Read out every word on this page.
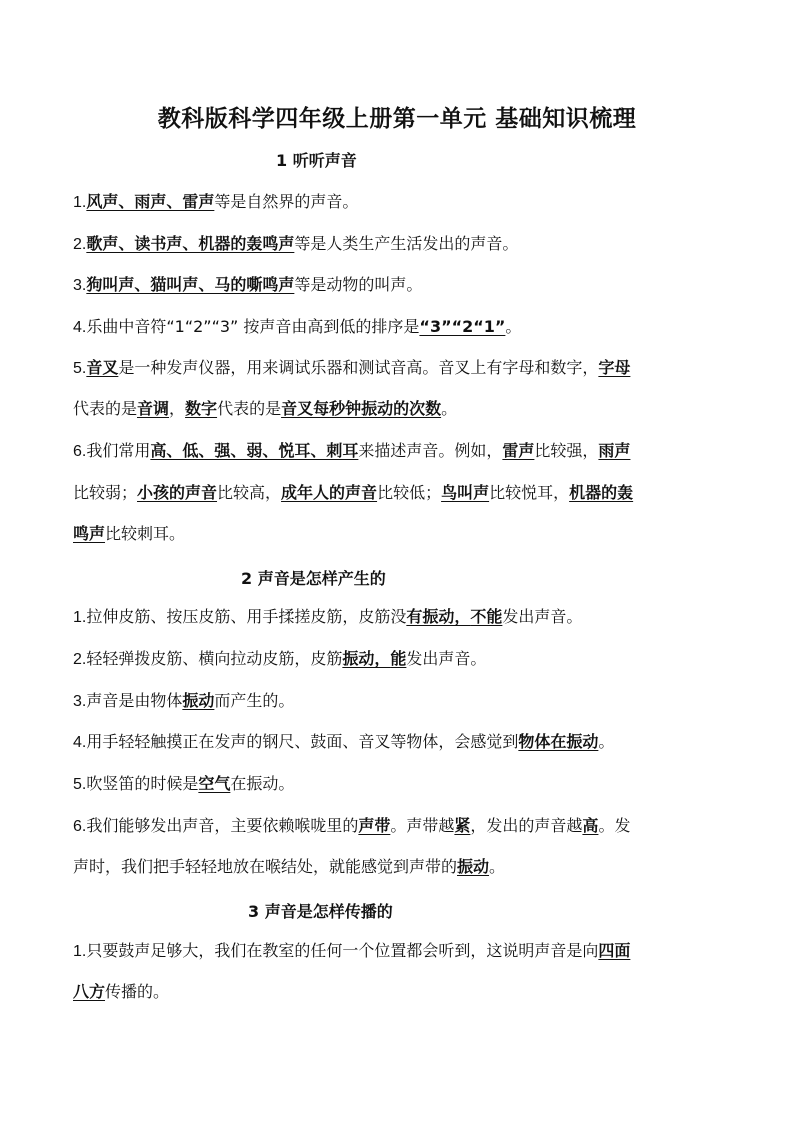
教科版科学四年级上册第一单元 基础知识梳理
1 听听声音
1.风声、雨声、雷声等是自然界的声音。
2.歌声、读书声、机器的轰鸣声等是人类生产生活发出的声音。
3.狗叫声、猫叫声、马的嘶鸣声等是动物的叫声。
4.乐曲中音符“1“2”“3” 按声音由高到低的排序是“3”“2“1”。
5.音叉是一种发声仪器，用来调试乐器和测试音高。音叉上有字母和数字，字母
代表的是音调，数字代表的是音叉每秒钟振动的次数。
6.我们常用高、低、强、弱、悦耳、刺耳来描述声音。例如，雷声比较强，雨声
比较弱；小孩的声音比较高，成年人的声音比较低；鸟叫声比较悦耳，机器的轰
鸣声比较刺耳。
2 声音是怎样产生的
1.拉伸皮筋、按压皮筋、用手揉搓皮筋，皮筋没有振动，不能发出声音。
2.轻轻弹拨皮筋、横向拉动皮筋，皮筋振动，能发出声音。
3.声音是由物体振动而产生的。
4.用手轻轻触摸正在发声的钢尺、鼓面、音叉等物体，会感觉到物体在振动。
5.吹竖笛的时候是空气在振动。
6.我们能够发出声音，主要依赖喉咙里的声带。声带越紧，发出的声音越高。发
声时，我们把手轻轻地放在喉结处，就能感觉到声带的振动。
3 声音是怎样传播的
1.只要鼓声足够大，我们在教室的任何一个位置都会听到，这说明声音是向四面
八方传播的。
